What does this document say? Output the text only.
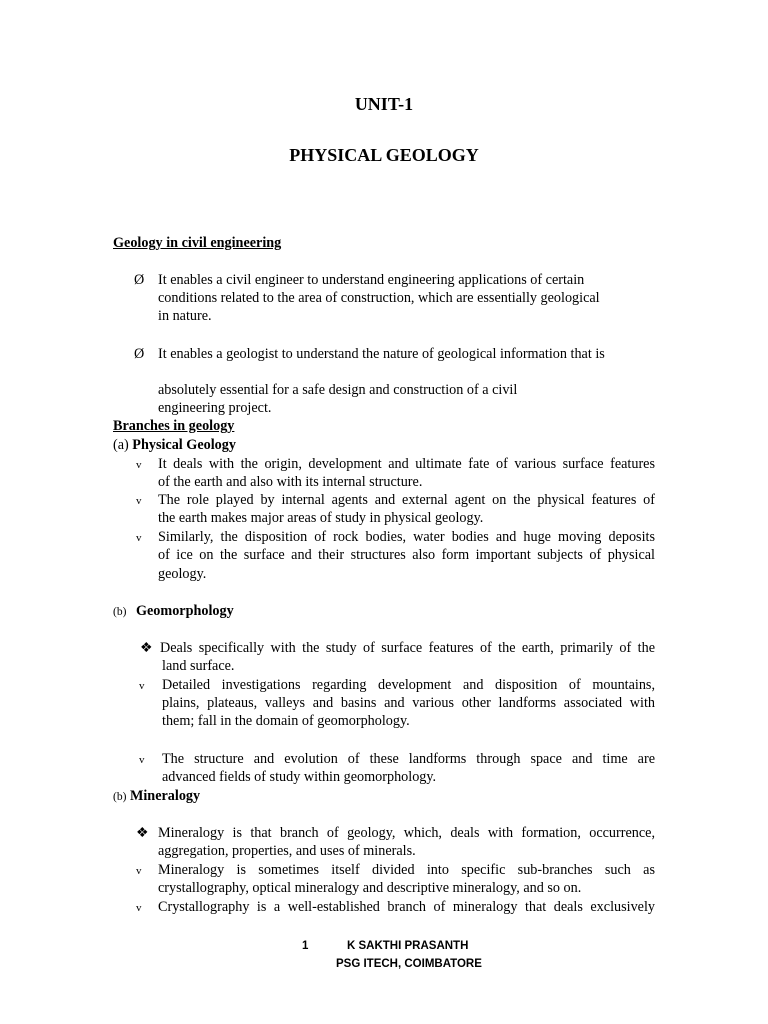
UNIT-1
PHYSICAL GEOLOGY
Geology in civil engineering
Ø It enables a civil engineer to understand engineering applications of certain
conditions related to the area of construction, which are essentially geological
in nature.
Ø It enables a geologist to understand the nature of geological information that is
absolutely essential for a safe design and construction of a civil
engineering project.
Branches in geology
(a) Physical Geology
v It deals with the origin, development and ultimate fate of various surface features
of the earth and also with its internal structure.
v The role played by internal agents and external agent on the physical features of
the earth makes major areas of study in physical geology.
v Similarly, the disposition of rock bodies, water bodies and huge moving deposits
of ice on the surface and their structures also form important subjects of physical
geology.
(b) Geomorphology
❖ Deals specifically with the study of surface features of the earth, primarily of the
land surface.
v Detailed investigations regarding development and disposition of mountains,
plains, plateaus, valleys and basins and various other landforms associated with
them; fall in the domain of geomorphology.
v The structure and evolution of these landforms through space and time are
advanced fields of study within geomorphology.
(b) Mineralogy
❖ Mineralogy is that branch of geology, which, deals with formation, occurrence,
aggregation, properties, and uses of minerals.
v Mineralogy is sometimes itself divided into specific sub-branches such as
crystallography, optical mineralogy and descriptive mineralogy, and so on.
v Crystallography is a well-established branch of mineralogy that deals exclusively
1	K SAKTHI PRASANTH
PSG ITECH, COIMBATORE
